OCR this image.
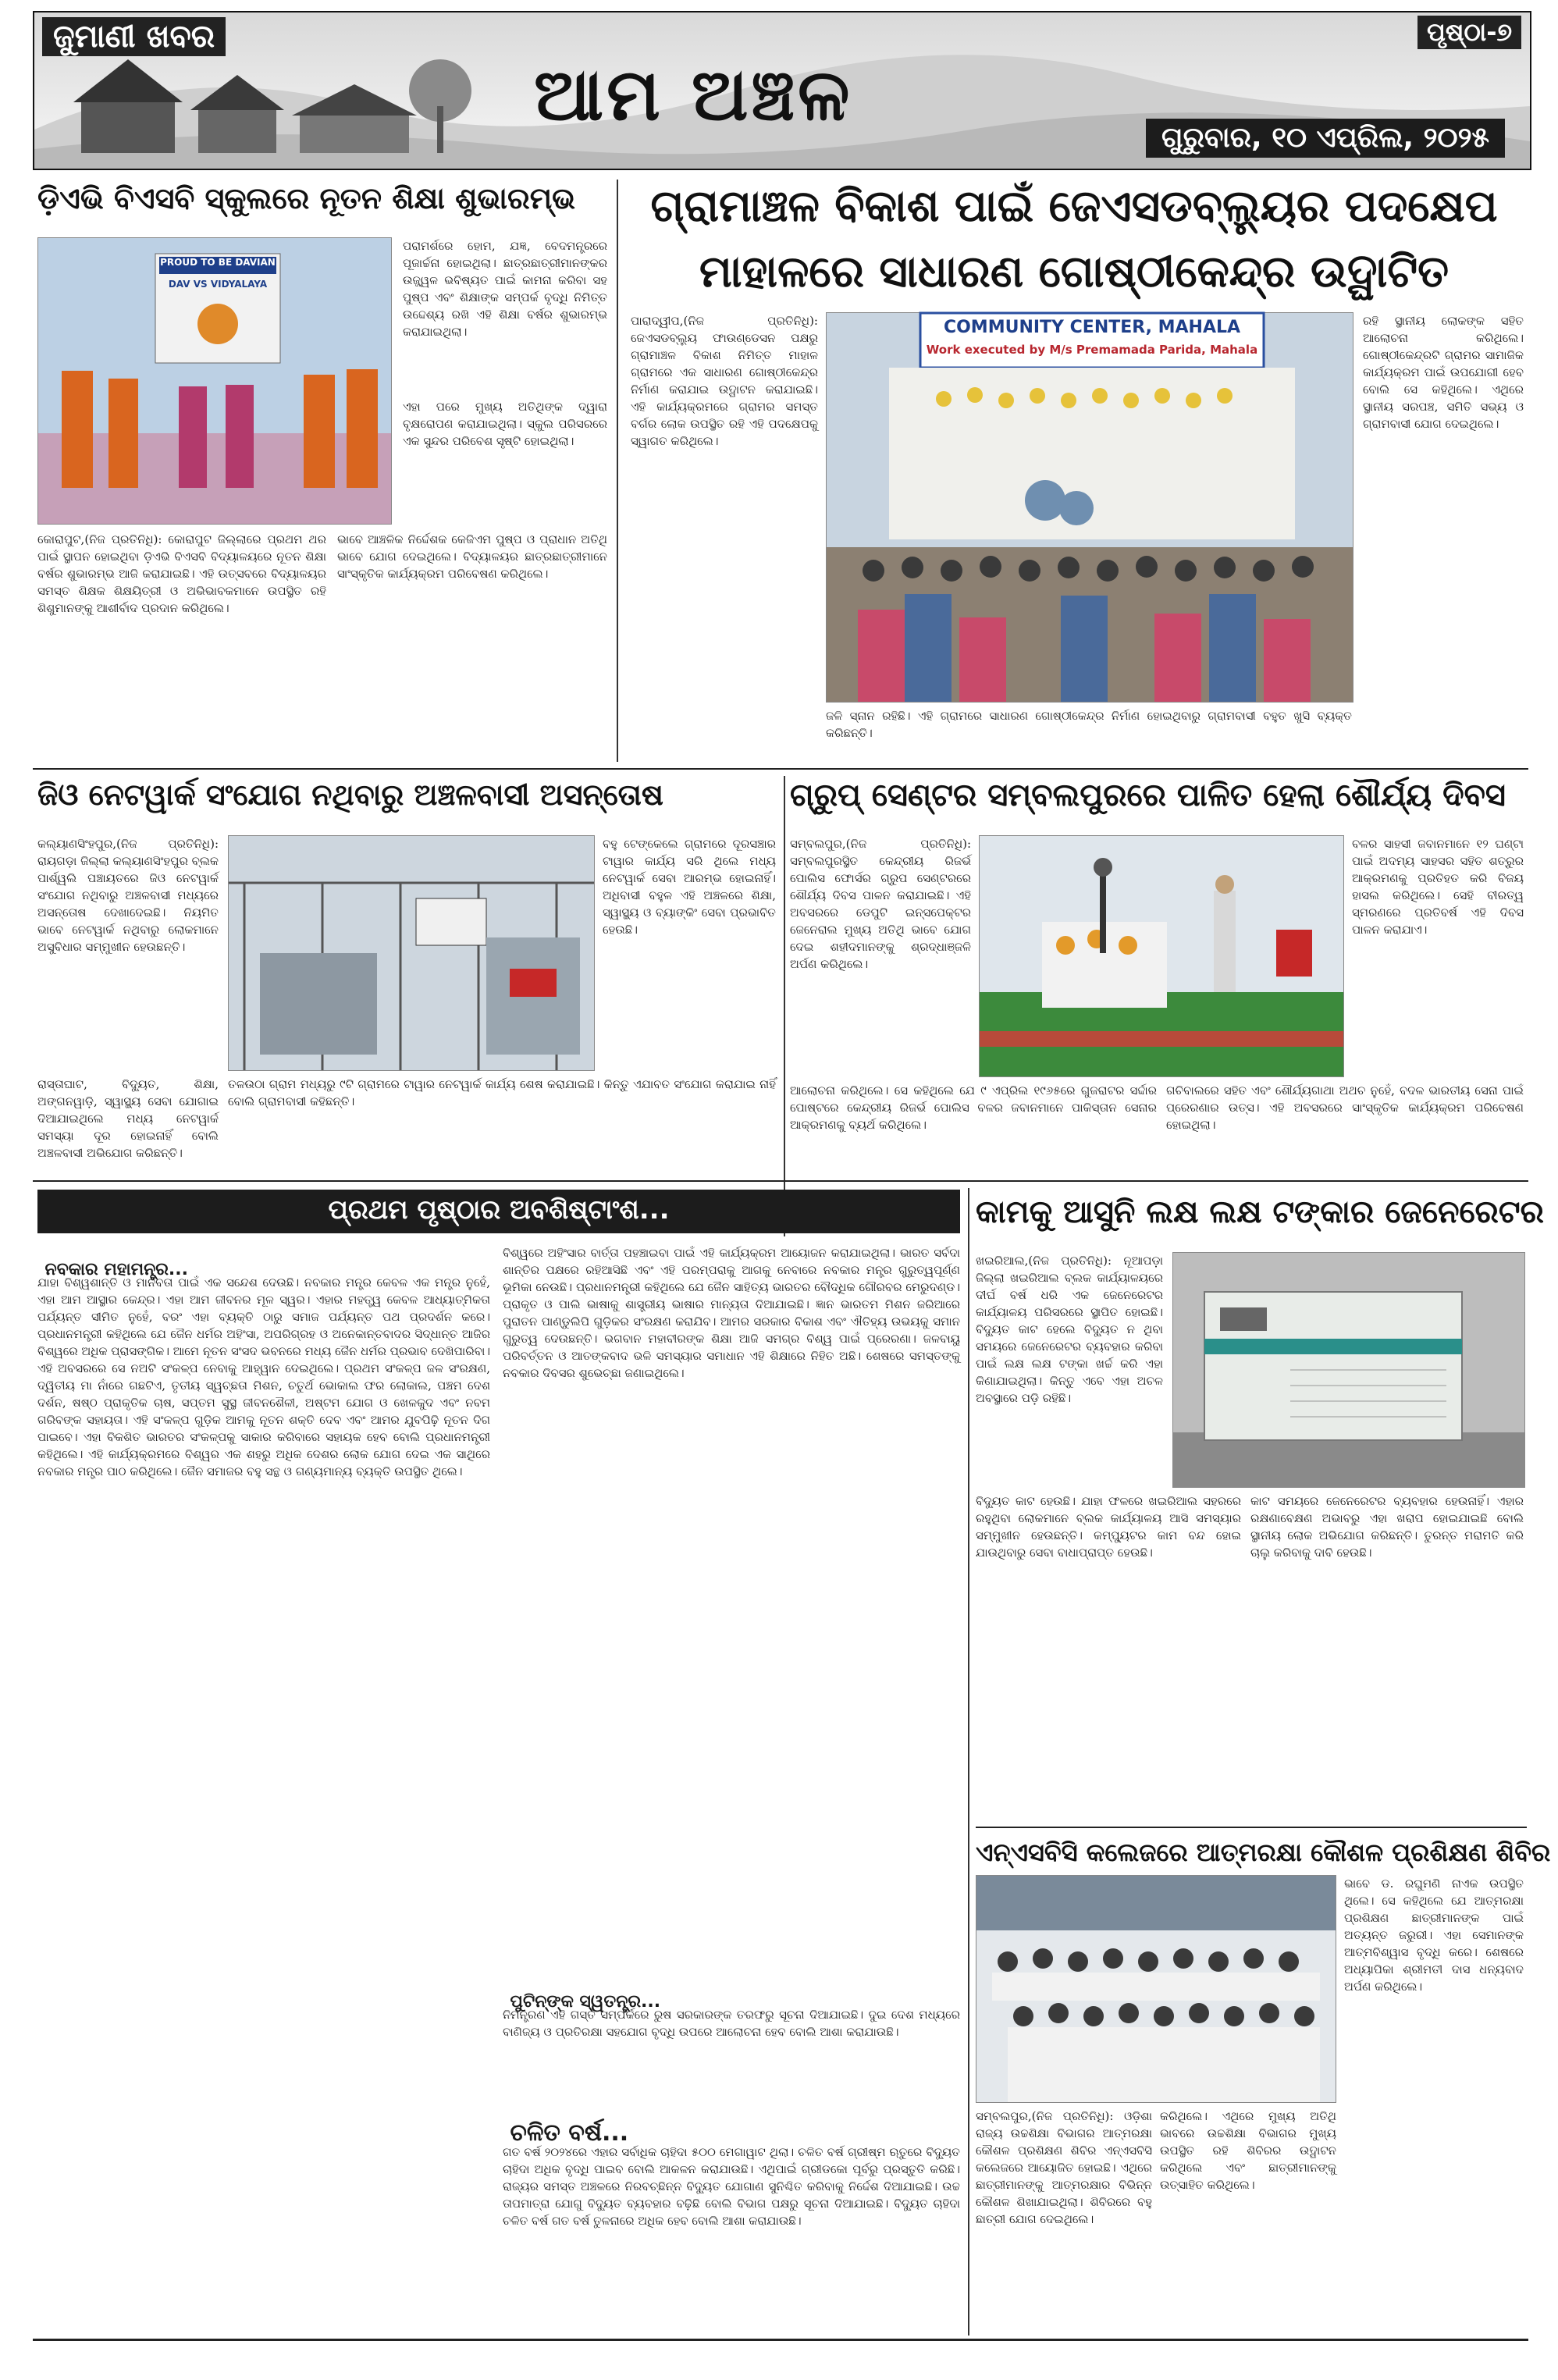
ଜୁମାଣୀ ଖବର
ଆମ ଅଞ୍ଚଳ
ପୃଷ୍ଠା-୭
ଗୁରୁବାର, ୧୦ ଏପ୍ରିଲ, ୨୦୨୫
ଡ଼ିଏଭି ବିଏସବି ସ୍କୁଲରେ ନୂତନ ଶିକ୍ଷା ଶୁଭାରମ୍ଭ
PROUD TO BE DAVIAN
DAV VS VIDYALAYA
ପରାମର୍ଶରେ ହୋମ, ଯଜ୍ଞ, ବେଦମନ୍ତ୍ରରେ ପୂଜାର୍ଚ୍ଚନା ହୋଇଥିଲା। ଛାତ୍ରଛାତ୍ରୀମାନଙ୍କର ଉଜ୍ଜ୍ୱଳ ଭବିଷ୍ୟତ ପାଇଁ କାମନା କରିବା ସହ ପୁଷ୍ପ ଏବଂ ଶିକ୍ଷାଙ୍କ ସମ୍ପର୍କ ବୃଦ୍ଧି ନିମିତ୍ତ ଉଦ୍ଦେଶ୍ୟ ରଖି ଏହି ଶିକ୍ଷା ବର୍ଷର ଶୁଭାରମ୍ଭ କରାଯାଇଥିଲା।
ଏହା ପରେ ମୁଖ୍ୟ ଅତିଥିଙ୍କ ଦ୍ୱାରା ବୃକ୍ଷରୋପଣ କରାଯାଇଥିଲା। ସ୍କୁଲ ପରିସରରେ ଏକ ସୁନ୍ଦର ପରିବେଶ ସୃଷ୍ଟି ହୋଇଥିଲା।
କୋରାପୁଟ,(ନିଜ ପ୍ରତିନିଧି): କୋରାପୁଟ ଜିଲ୍ଲାରେ ପ୍ରଥମ ଥର ପାଇଁ ସ୍ଥାପନ ହୋଇଥିବା ଡ଼ିଏଭି ବିଏସବି ବିଦ୍ୟାଳୟରେ ନୂତନ ଶିକ୍ଷା ବର୍ଷର ଶୁଭାରମ୍ଭ ଆଜି କରାଯାଇଛି। ଏହି ଉତ୍ସବରେ ବିଦ୍ୟାଳୟର ସମସ୍ତ ଶିକ୍ଷକ ଶିକ୍ଷୟିତ୍ରୀ ଓ ଅଭିଭାବକମାନେ ଉପସ୍ଥିତ ରହି ଶିଶୁମାନଙ୍କୁ ଆଶୀର୍ବାଦ ପ୍ରଦାନ କରିଥିଲେ।
ଭାବେ ଆଞ୍ଚଳିକ ନିର୍ଦ୍ଦେଶକ କେଜିଏମ ପୁଷ୍ପ ଓ ପ୍ରାଧାନ ଅତିଥି ଭାବେ ଯୋଗ ଦେଇଥିଲେ। ବିଦ୍ୟାଳୟର ଛାତ୍ରଛାତ୍ରୀମାନେ ସାଂସ୍କୃତିକ କାର୍ଯ୍ୟକ୍ରମ ପରିବେଷଣ କରିଥିଲେ।
ଗ୍ରାମାଞ୍ଚଳ ବିକାଶ ପାଇଁ ଜେଏସଡବ୍ଲ୍ୟୁର ପଦକ୍ଷେପ
ମାହାଳରେ ସାଧାରଣ ଗୋଷ୍ଠୀକେନ୍ଦ୍ର ଉଦ୍ଘାଟିତ
ପାରାଦ୍ୱୀପ,(ନିଜ ପ୍ରତିନିଧି): ଜେଏସଡବ୍ଲ୍ୟୁ ଫାଉଣ୍ଡେସନ ପକ୍ଷରୁ ଗ୍ରାମାଞ୍ଚଳ ବିକାଶ ନିମିତ୍ତ ମାହାଳ ଗ୍ରାମରେ ଏକ ସାଧାରଣ ଗୋଷ୍ଠୀକେନ୍ଦ୍ର ନିର୍ମାଣ କରାଯାଇ ଉଦ୍ଘାଟନ କରାଯାଇଛି। ଏହି କାର୍ଯ୍ୟକ୍ରମରେ ଗ୍ରାମର ସମସ୍ତ ବର୍ଗର ଲୋକ ଉପସ୍ଥିତ ରହି ଏହି ପଦକ୍ଷେପକୁ ସ୍ୱାଗତ କରିଥିଲେ।
COMMUNITY CENTER, MAHALA
Work executed by M/s Premamada Parida, Mahala
ରହି ସ୍ଥାନୀୟ ଲୋକଙ୍କ ସହିତ ଆଲୋଚନା କରିଥିଲେ। ଗୋଷ୍ଠୀକେନ୍ଦ୍ରଟି ଗ୍ରାମର ସାମାଜିକ କାର୍ଯ୍ୟକ୍ରମ ପାଇଁ ଉପଯୋଗୀ ହେବ ବୋଲି ସେ କହିଥିଲେ। ଏଥିରେ ସ୍ଥାନୀୟ ସରପଞ୍ଚ, ସମିତି ସଭ୍ୟ ଓ ଗ୍ରାମବାସୀ ଯୋଗ ଦେଇଥିଲେ।
ଜଳି ସ୍ନାନ ରହିଛି। ଏହି ଗ୍ରାମରେ ସାଧାରଣ ଗୋଷ୍ଠୀକେନ୍ଦ୍ର ନିର୍ମାଣ ହୋଇଥିବାରୁ ଗ୍ରାମବାସୀ ବହୁତ ଖୁସି ବ୍ୟକ୍ତ କରିଛନ୍ତି।
ଜିଓ ନେଟୱାର୍କ ସଂଯୋଗ ନଥିବାରୁ ଅଞ୍ଚଳବାସୀ ଅସନ୍ତୋଷ
କଲ୍ୟାଣସିଂହପୁର,(ନିଜ ପ୍ରତିନିଧି): ରାୟଗଡ଼ା ଜିଲ୍ଲା କଲ୍ୟାଣସିଂହପୁର ବ୍ଲକ ପାର୍ଶ୍ୱଲି ପଞ୍ଚାୟତରେ ଜିଓ ନେଟୱାର୍କ ସଂଯୋଗ ନଥିବାରୁ ଅଞ୍ଚଳବାସୀ ମଧ୍ୟରେ ଅସନ୍ତୋଷ ଦେଖାଦେଇଛି। ନିୟମିତ ଭାବେ ନେଟୱାର୍କ ନଥିବାରୁ ଲୋକମାନେ ଅସୁବିଧାର ସମ୍ମୁଖୀନ ହେଉଛନ୍ତି।
ବହୁ ଟେଙ୍କେଲେ ଗ୍ରାମରେ ଦୂରସଞ୍ଚାର ଟାୱାର କାର୍ଯ୍ୟ ସରି ଥିଲେ ମଧ୍ୟ ନେଟୱାର୍କ ସେବା ଆରମ୍ଭ ହୋଇନାହିଁ। ଅଧିବାସୀ ବହୁଳ ଏହି ଅଞ୍ଚଳରେ ଶିକ୍ଷା, ସ୍ୱାସ୍ଥ୍ୟ ଓ ବ୍ୟାଙ୍କିଂ ସେବା ପ୍ରଭାବିତ ହେଉଛି।
ରାସ୍ତାଘାଟ, ବିଦ୍ୟୁତ, ଶିକ୍ଷା, ଅଙ୍ଗନୱାଡ଼ି, ସ୍ୱାସ୍ଥ୍ୟ ସେବା ଯୋଗାଇ ଦିଆଯାଇଥିଲେ ମଧ୍ୟ ନେଟୱାର୍କ ସମସ୍ୟା ଦୂର ହୋଇନାହିଁ ବୋଲି ଅଞ୍ଚଳବାସୀ ଅଭିଯୋଗ କରିଛନ୍ତି।
ତଳଉଠା ଗ୍ରାମ ମଧ୍ୟରୁ ୯ଟି ଗ୍ରାମରେ ଟାୱାର ନେଟୱାର୍କ କାର୍ଯ୍ୟ ଶେଷ କରାଯାଇଛି। କିନ୍ତୁ ଏଯାବତ ସଂଯୋଗ କରାଯାଇ ନାହିଁ ବୋଲି ଗ୍ରାମବାସୀ କହିଛନ୍ତି।
ଗ୍ରୁପ୍ ସେଣ୍ଟର ସମ୍ବଲପୁରରେ ପାଳିତ ହେଲା ଶୌର୍ଯ୍ୟ ଦିବସ
ସମ୍ବଲପୁର,(ନିଜ ପ୍ରତିନିଧି): ସମ୍ବଲପୁରସ୍ଥିତ କେନ୍ଦ୍ରୀୟ ରିଜର୍ଭ ପୋଲିସ ଫୋର୍ସର ଗ୍ରୁପ ସେଣ୍ଟରରେ ଶୌର୍ଯ୍ୟ ଦିବସ ପାଳନ କରାଯାଇଛି। ଏହି ଅବସରରେ ଡେପୁଟି ଇନ୍ସପେକ୍ଟର ଜେନେରାଲ ମୁଖ୍ୟ ଅତିଥି ଭାବେ ଯୋଗ ଦେଇ ଶହୀଦମାନଙ୍କୁ ଶ୍ରଦ୍ଧାଞ୍ଜଳି ଅର୍ପଣ କରିଥିଲେ।
ବଳର ସାହସୀ ଜବାନମାନେ ୧୨ ଘଣ୍ଟା ପାଇଁ ଅଦମ୍ୟ ସାହସର ସହିତ ଶତ୍ରୁର ଆକ୍ରମଣକୁ ପ୍ରତିହତ କରି ବିଜୟ ହାସଲ କରିଥିଲେ। ସେହି ବୀରତ୍ୱ ସ୍ମରଣରେ ପ୍ରତିବର୍ଷ ଏହି ଦିବସ ପାଳନ କରାଯାଏ।
ଆଲୋଚନା କରିଥିଲେ। ସେ କହିଥିଲେ ଯେ ୯ ଏପ୍ରିଲ ୧୯୬୫ରେ ଗୁଜରାଟର ସର୍ଦ୍ଦାର ପୋଷ୍ଟରେ କେନ୍ଦ୍ରୀୟ ରିଜର୍ଭ ପୋଲିସ ବଳର ଜବାନମାନେ ପାକିସ୍ତାନ ସେନାର ଆକ୍ରମଣକୁ ବ୍ୟର୍ଥ କରିଥିଲେ।
ଗଚିବାଲରେ ସହିତ ଏବଂ ଶୌର୍ଯ୍ୟଗାଥା ଅଥଚ ନୁହେଁ, ବଦଳ ଭାରତୀୟ ସେନା ପାଇଁ ପ୍ରେରଣାର ଉତ୍ସ। ଏହି ଅବସରରେ ସାଂସ୍କୃତିକ କାର୍ଯ୍ୟକ୍ରମ ପରିବେଷଣ ହୋଇଥିଲା।
ପ୍ରଥମ ପୃଷ୍ଠାର ଅବଶିଷ୍ଟାଂଶ...

ନବକାର ମହାମନ୍ତ୍ର...

ଯାହା ବିଶ୍ୱଶାନ୍ତି ଓ ମାନବତା ପାଇଁ ଏକ ସନ୍ଦେଶ ଦେଉଛି। ନବକାର ମନ୍ତ୍ର କେବଳ ଏକ ମନ୍ତ୍ର ନୁହେଁ, ଏହା ଆମ ଆସ୍ଥାର କେନ୍ଦ୍ର। ଏହା ଆମ ଜୀବନର ମୂଳ ସ୍ୱର। ଏହାର ମହତ୍ତ୍ୱ କେବଳ ଆଧ୍ୟାତ୍ମିକତା ପର୍ଯ୍ୟନ୍ତ ସୀମିତ ନୁହେଁ, ବରଂ ଏହା ବ୍ୟକ୍ତି ଠାରୁ ସମାଜ ପର୍ଯ୍ୟନ୍ତ ପଥ ପ୍ରଦର୍ଶନ କରେ। ପ୍ରଧାନମନ୍ତ୍ରୀ କହିଥିଲେ ଯେ ଜୈନ ଧର୍ମର ଅହିଂସା, ଅପରିଗ୍ରହ ଓ ଅନେକାନ୍ତବାଦର ସିଦ୍ଧାନ୍ତ ଆଜିର ବିଶ୍ୱରେ ଅଧିକ ପ୍ରାସଙ୍ଗିକ। ଆମେ ନୂତନ ସଂସଦ ଭବନରେ ମଧ୍ୟ ଜୈନ ଧର୍ମର ପ୍ରଭାବ ଦେଖିପାରିବା। ଏହି ଅବସରରେ ସେ ନଅଟି ସଂକଳ୍ପ ନେବାକୁ ଆହ୍ୱାନ ଦେଇଥିଲେ। ପ୍ରଥମ ସଂକଳ୍ପ ଜଳ ସଂରକ୍ଷଣ, ଦ୍ୱିତୀୟ ମା ନାଁରେ ଗଛଟିଏ, ତୃତୀୟ ସ୍ୱଚ୍ଛତା ମିଶନ, ଚତୁର୍ଥ ଭୋକାଲ ଫର ଲୋକାଲ, ପଞ୍ଚମ ଦେଶ ଦର୍ଶନ, ଷଷ୍ଠ ପ୍ରାକୃତିକ ଚାଷ, ସପ୍ତମ ସୁସ୍ଥ ଜୀବନଶୈଳୀ, ଅଷ୍ଟମ ଯୋଗ ଓ ଖେଳକୁଦ ଏବଂ ନବମ ଗରିବଙ୍କ ସହାୟତା। ଏହି ସଂକଳ୍ପ ଗୁଡ଼ିକ ଆମକୁ ନୂତନ ଶକ୍ତି ଦେବ ଏବଂ ଆମର ଯୁବପିଢ଼ି ନୂତନ ଦିଗ ପାଇବେ। ଏହା ବିକଶିତ ଭାରତର ସଂକଳ୍ପକୁ ସାକାର କରିବାରେ ସହାୟକ ହେବ ବୋଲି ପ୍ରଧାନମନ୍ତ୍ରୀ କହିଥିଲେ। ଏହି କାର୍ଯ୍ୟକ୍ରମରେ ବିଶ୍ୱର ଏକ ଶହରୁ ଅଧିକ ଦେଶର ଲୋକ ଯୋଗ ଦେଇ ଏକ ସାଥିରେ ନବକାର ମନ୍ତ୍ର ପାଠ କରିଥିଲେ। ଜୈନ ସମାଜର ବହୁ ସନ୍ଥ ଓ ଗଣ୍ୟମାନ୍ୟ ବ୍ୟକ୍ତି ଉପସ୍ଥିତ ଥିଲେ।
ବିଶ୍ୱରେ ଅହିଂସାର ବାର୍ତ୍ତା ପହଞ୍ଚାଇବା ପାଇଁ ଏହି କାର୍ଯ୍ୟକ୍ରମ ଆୟୋଜନ କରାଯାଇଥିଲା। ଭାରତ ସର୍ବଦା ଶାନ୍ତିର ପକ୍ଷରେ ରହିଆସିଛି ଏବଂ ଏହି ପରମ୍ପରାକୁ ଆଗକୁ ନେବାରେ ନବକାର ମନ୍ତ୍ର ଗୁରୁତ୍ୱପୂର୍ଣ୍ଣ ଭୂମିକା ନେଉଛି। ପ୍ରଧାନମନ୍ତ୍ରୀ କହିଥିଲେ ଯେ ଜୈନ ସାହିତ୍ୟ ଭାରତର ବୌଦ୍ଧିକ ଗୌରବର ମେରୁଦଣ୍ଡ। ପ୍ରାକୃତ ଓ ପାଲି ଭାଷାକୁ ଶାସ୍ତ୍ରୀୟ ଭାଷାର ମାନ୍ୟତା ଦିଆଯାଇଛି। ଜ୍ଞାନ ଭାରତମ ମିଶନ ଜରିଆରେ ପୁରାତନ ପାଣ୍ଡୁଲିପି ଗୁଡ଼ିକର ସଂରକ୍ଷଣ କରାଯିବ। ଆମର ସରକାର ବିକାଶ ଏବଂ ଐତିହ୍ୟ ଉଭୟକୁ ସମାନ ଗୁରୁତ୍ୱ ଦେଉଛନ୍ତି। ଭଗବାନ ମହାବୀରଙ୍କ ଶିକ୍ଷା ଆଜି ସମଗ୍ର ବିଶ୍ୱ ପାଇଁ ପ୍ରେରଣା। ଜଳବାୟୁ ପରିବର୍ତ୍ତନ ଓ ଆତଙ୍କବାଦ ଭଳି ସମସ୍ୟାର ସମାଧାନ ଏହି ଶିକ୍ଷାରେ ନିହିତ ଅଛି। ଶେଷରେ ସମସ୍ତଙ୍କୁ ନବକାର ଦିବସର ଶୁଭେଚ୍ଛା ଜଣାଇଥିଲେ।

ପୁଟିନ୍‌ଙ୍କ ସ୍ୱତନ୍ତ୍ର...

ନିମନ୍ତ୍ରଣ ଏହି ଗସ୍ତ ସମ୍ପର୍କରେ ରୁଷ ସରକାରଙ୍କ ତରଫରୁ ସୂଚନା ଦିଆଯାଇଛି। ଦୁଇ ଦେଶ ମଧ୍ୟରେ ବାଣିଜ୍ୟ ଓ ପ୍ରତିରକ୍ଷା ସହଯୋଗ ବୃଦ୍ଧି ଉପରେ ଆଲୋଚନା ହେବ ବୋଲି ଆଶା କରାଯାଉଛି।

ଚଳିତ ବର୍ଷ...

ଗତ ବର୍ଷ ୨୦୨୪ରେ ଏହାର ସର୍ବାଧିକ ଚାହିଦା ୫୦୦ ମେଗାୱାଟ ଥିଲା। ଚଳିତ ବର୍ଷ ଗ୍ରୀଷ୍ମ ଋତୁରେ ବିଦ୍ୟୁତ ଚାହିଦା ଅଧିକ ବୃଦ୍ଧି ପାଇବ ବୋଲି ଆକଳନ କରାଯାଉଛି। ଏଥିପାଇଁ ଗ୍ରୀଡକୋ ପୂର୍ବରୁ ପ୍ରସ୍ତୁତି କରିଛି। ରାଜ୍ୟର ସମସ୍ତ ଅଞ୍ଚଳରେ ନିରବଚ୍ଛିନ୍ନ ବିଦ୍ୟୁତ ଯୋଗାଣ ସୁନିଶ୍ଚିତ କରିବାକୁ ନିର୍ଦ୍ଦେଶ ଦିଆଯାଇଛି। ଉଚ୍ଚ ତାପମାତ୍ରା ଯୋଗୁ ବିଦ୍ୟୁତ ବ୍ୟବହାର ବଢ଼ିଛି ବୋଲି ବିଭାଗ ପକ୍ଷରୁ ସୂଚନା ଦିଆଯାଇଛି। ବିଦ୍ୟୁତ ଚାହିଦା ଚଳିତ ବର୍ଷ ଗତ ବର୍ଷ ତୁଳନାରେ ଅଧିକ ହେବ ବୋଲି ଆଶା କରାଯାଉଛି।
କାମକୁ ଆସୁନି ଲକ୍ଷ ଲକ୍ଷ ଟଙ୍କାର ଜେନେରେଟର
ଖଇରିଆଲ,(ନିଜ ପ୍ରତିନିଧି): ନୂଆପଡ଼ା ଜିଲ୍ଲା ଖଇରିଆଲ ବ୍ଲକ କାର୍ଯ୍ୟାଳୟରେ ଦୀର୍ଘ ବର୍ଷ ଧରି ଏକ ଜେନେରେଟର କାର୍ଯ୍ୟାଳୟ ପରିସରରେ ସ୍ଥାପିତ ହୋଇଛି। ବିଦ୍ୟୁତ କାଟ ହେଲେ ବିଦ୍ୟୁତ ନ ଥିବା ସମୟରେ ଜେନେରେଟର ବ୍ୟବହାର କରିବା ପାଇଁ ଲକ୍ଷ ଲକ୍ଷ ଟଙ୍କା ଖର୍ଚ୍ଚ କରି ଏହା କିଣାଯାଇଥିଲା। କିନ୍ତୁ ଏବେ ଏହା ଅଚଳ ଅବସ୍ଥାରେ ପଡ଼ି ରହିଛି।
ବିଦ୍ୟୁତ କାଟ ହେଉଛି। ଯାହା ଫଳରେ ଖଇରିଆଲ ସହରରେ ରହୁଥିବା ଲୋକମାନେ ବ୍ଲକ କାର୍ଯ୍ୟାଳୟ ଆସି ସମସ୍ୟାର ସମ୍ମୁଖୀନ ହେଉଛନ୍ତି। କମ୍ପ୍ୟୁଟର କାମ ବନ୍ଦ ହୋଇ ଯାଉଥିବାରୁ ସେବା ବାଧାପ୍ରାପ୍ତ ହେଉଛି।
କାଟ ସମୟରେ ଜେନେରେଟର ବ୍ୟବହାର ହେଉନାହିଁ। ଏହାର ରକ୍ଷଣାବେକ୍ଷଣ ଅଭାବରୁ ଏହା ଖରାପ ହୋଇଯାଇଛି ବୋଲି ସ୍ଥାନୀୟ ଲୋକ ଅଭିଯୋଗ କରିଛନ୍ତି। ତୁରନ୍ତ ମରାମତି କରି ଚାଲୁ କରିବାକୁ ଦାବି ହେଉଛି।
ଏନ୍‌ଏସବିସି କଲେଜରେ ଆତ୍ମରକ୍ଷା କୌଶଳ ପ୍ରଶିକ୍ଷଣ ଶିବିର
ଭାବେ ଡ. ରଘୁମଣି ନାଏକ ଉପସ୍ଥିତ ଥିଲେ। ସେ କହିଥିଲେ ଯେ ଆତ୍ମରକ୍ଷା ପ୍ରଶିକ୍ଷଣ ଛାତ୍ରୀମାନଙ୍କ ପାଇଁ ଅତ୍ୟନ୍ତ ଜରୁରୀ। ଏହା ସେମାନଙ୍କ ଆତ୍ମବିଶ୍ୱାସ ବୃଦ୍ଧି କରେ। ଶେଷରେ ଅଧ୍ୟାପିକା ଶ୍ରୀମତୀ ଦାସ ଧନ୍ୟବାଦ ଅର୍ପଣ କରିଥିଲେ।
ସମ୍ବଲପୁର,(ନିଜ ପ୍ରତିନିଧି): ଓଡ଼ିଶା ରାଜ୍ୟ ଉଚ୍ଚଶିକ୍ଷା ବିଭାଗର ଆତ୍ମରକ୍ଷା କୌଶଳ ପ୍ରଶିକ୍ଷଣ ଶିବିର ଏନ୍‌ଏସବିସି କଲେଜରେ ଆୟୋଜିତ ହୋଇଛି। ଏଥିରେ ଛାତ୍ରୀମାନଙ୍କୁ ଆତ୍ମରକ୍ଷାର ବିଭିନ୍ନ କୌଶଳ ଶିଖାଯାଇଥିଲା। ଶିବିରରେ ବହୁ ଛାତ୍ରୀ ଯୋଗ ଦେଇଥିଲେ।
କରିଥିଲେ। ଏଥିରେ ମୁଖ୍ୟ ଅତିଥି ଭାବରେ ଉଚ୍ଚଶିକ୍ଷା ବିଭାଗର ମୁଖ୍ୟ ଉପସ୍ଥିତ ରହି ଶିବିରର ଉଦ୍ଘାଟନ କରିଥିଲେ ଏବଂ ଛାତ୍ରୀମାନଙ୍କୁ ଉତ୍ସାହିତ କରିଥିଲେ।
